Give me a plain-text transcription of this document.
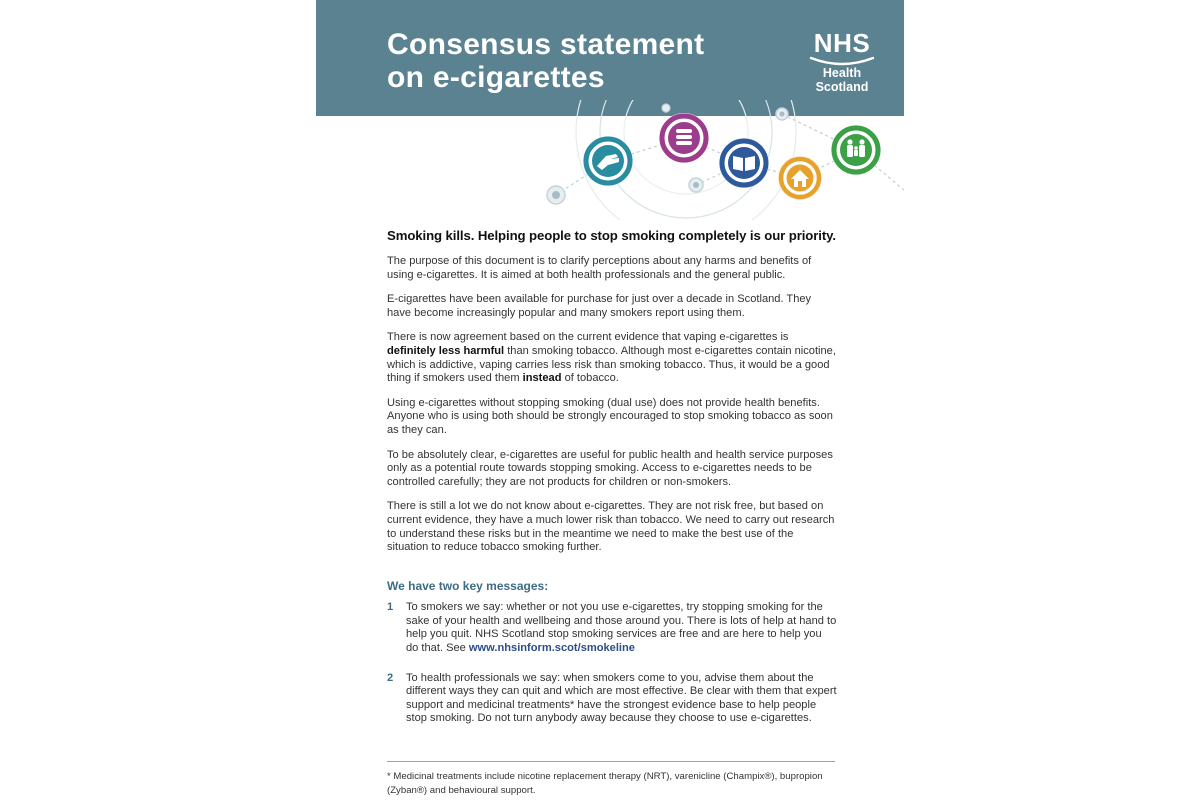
Consensus statement
on e-cigarettes
NHS
Health
Scotland
Smoking kills. Helping people to stop smoking completely is our priority.

The purpose of this document is to clarify perceptions about any harms and benefits of using e-cigarettes. It is aimed at both health professionals and the general public.

E-cigarettes have been available for purchase for just over a decade in Scotland. They have become increasingly popular and many smokers report using them.

There is now agreement based on the current evidence that vaping e-cigarettes is definitely less harmful than smoking tobacco. Although most e-cigarettes contain nicotine, which is addictive, vaping carries less risk than smoking tobacco. Thus, it would be a good thing if smokers used them instead of tobacco.

Using e-cigarettes without stopping smoking (dual use) does not provide health benefits. Anyone who is using both should be strongly encouraged to stop smoking tobacco as soon as they can.

To be absolutely clear, e-cigarettes are useful for public health and health service purposes only as a potential route towards stopping smoking. Access to e-cigarettes needs to be controlled carefully; they are not products for children or non-smokers.

There is still a lot we do not know about e-cigarettes. They are not risk free, but based on current evidence, they have a much lower risk than tobacco. We need to carry out research to understand these risks but in the meantime we need to make the best use of the situation to reduce tobacco smoking further.

We have two key messages:
1 To smokers we say: whether or not you use e-cigarettes, try stopping smoking for the sake of your health and wellbeing and those around you. There is lots of help at hand to help you quit. NHS Scotland stop smoking services are free and are here to help you do that. See www.nhsinform.scot/smokeline
2 To health professionals we say: when smokers come to you, advise them about the different ways they can quit and which are most effective. Be clear with them that expert support and medicinal treatments* have the strongest evidence base to help people stop smoking. Do not turn anybody away because they choose to use e-cigarettes.
* Medicinal treatments include nicotine replacement therapy (NRT), varenicline (Champix®), bupropion (Zyban®) and behavioural support.
